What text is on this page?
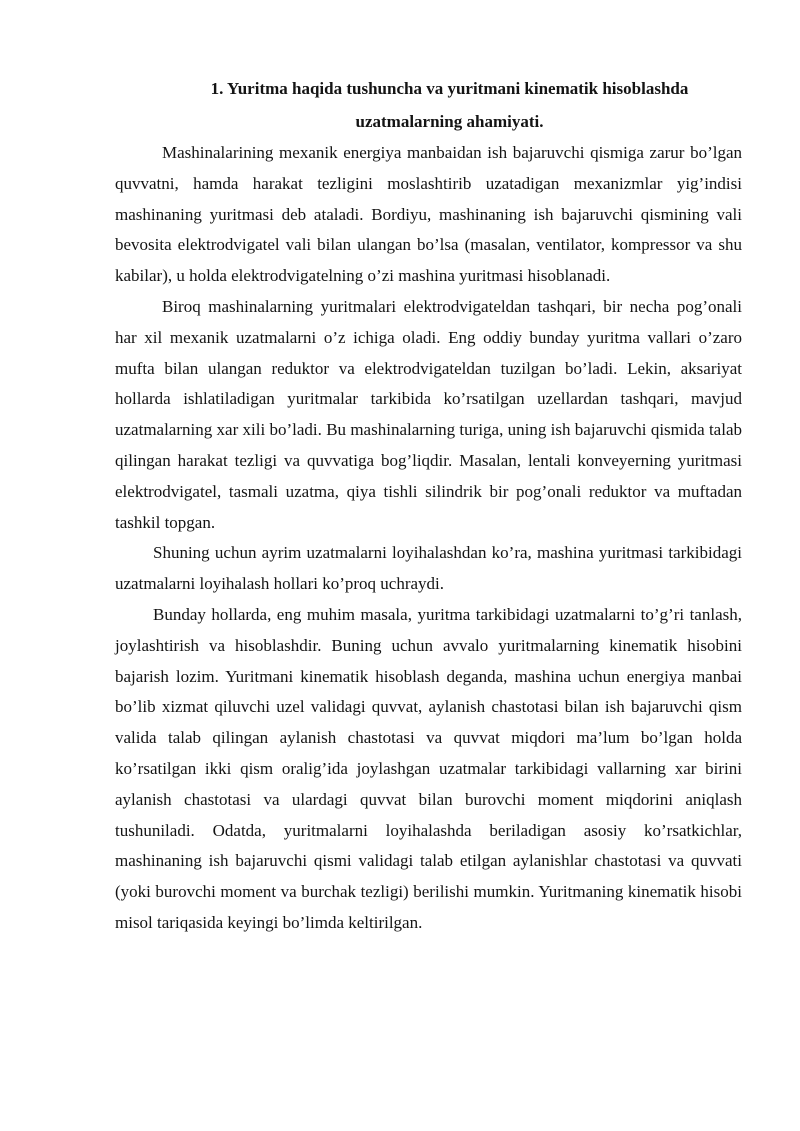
1. Yuritma haqida tushuncha va yuritmani kinematik hisoblashda
uzatmalarning ahamiyati.

Mashinalarining mexanik energiya manbaidan ish bajaruvchi qismiga zarur bo’lgan quvvatni, hamda harakat tezligini moslashtirib uzatadigan mexanizmlar yig’indisi mashinaning yuritmasi deb ataladi. Bordiyu, mashinaning ish bajaruvchi qismining vali bevosita elektrodvigatel vali bilan ulangan bo’lsa (masalan, ventilator, kompressor va shu kabilar), u holda elektrodvigatelning o’zi mashina yuritmasi hisoblanadi.

Biroq mashinalarning yuritmalari elektrodvigateldan tashqari, bir necha pog’onali har xil mexanik uzatmalarni o’z ichiga oladi. Eng oddiy bunday yuritma vallari o’zaro mufta bilan ulangan reduktor va elektrodvigateldan tuzilgan bo’ladi. Lekin, aksariyat hollarda ishlatiladigan yuritmalar tarkibida ko’rsatilgan uzellardan tashqari, mavjud uzatmalarning xar xili bo’ladi. Bu mashinalarning turiga, uning ish bajaruvchi qismida talab qilingan harakat tezligi va quvvatiga bog’liqdir. Masalan, lentali konveyerning yuritmasi elektrodvigatel, tasmali uzatma, qiya tishli silindrik bir pog’onali reduktor va muftadan tashkil topgan.

Shuning uchun ayrim uzatmalarni loyihalashdan ko’ra, mashina yuritmasi tarkibidagi uzatmalarni loyihalash hollari ko’proq uchraydi.

Bunday hollarda, eng muhim masala, yuritma tarkibidagi uzatmalarni to’g’ri tanlash, joylashtirish va hisoblashdir. Buning uchun avvalo yuritmalarning kinematik hisobini bajarish lozim. Yuritmani kinematik hisoblash deganda, mashina uchun energiya manbai bo’lib xizmat qiluvchi uzel validagi quvvat, aylanish chastotasi bilan ish bajaruvchi qism valida talab qilingan aylanish chastotasi va quvvat miqdori ma’lum bo’lgan holda ko’rsatilgan ikki qism oralig’ida joylashgan uzatmalar tarkibidagi vallarning xar birini aylanish chastotasi va ulardagi quvvat bilan burovchi moment miqdorini aniqlash tushuniladi. Odatda, yuritmalarni loyihalashda beriladigan asosiy ko’rsatkichlar, mashinaning ish bajaruvchi qismi validagi talab etilgan aylanishlar chastotasi va quvvati (yoki burovchi moment va burchak tezligi) berilishi mumkin. Yuritmaning kinematik hisobi misol tariqasida keyingi bo’limda keltirilgan.
